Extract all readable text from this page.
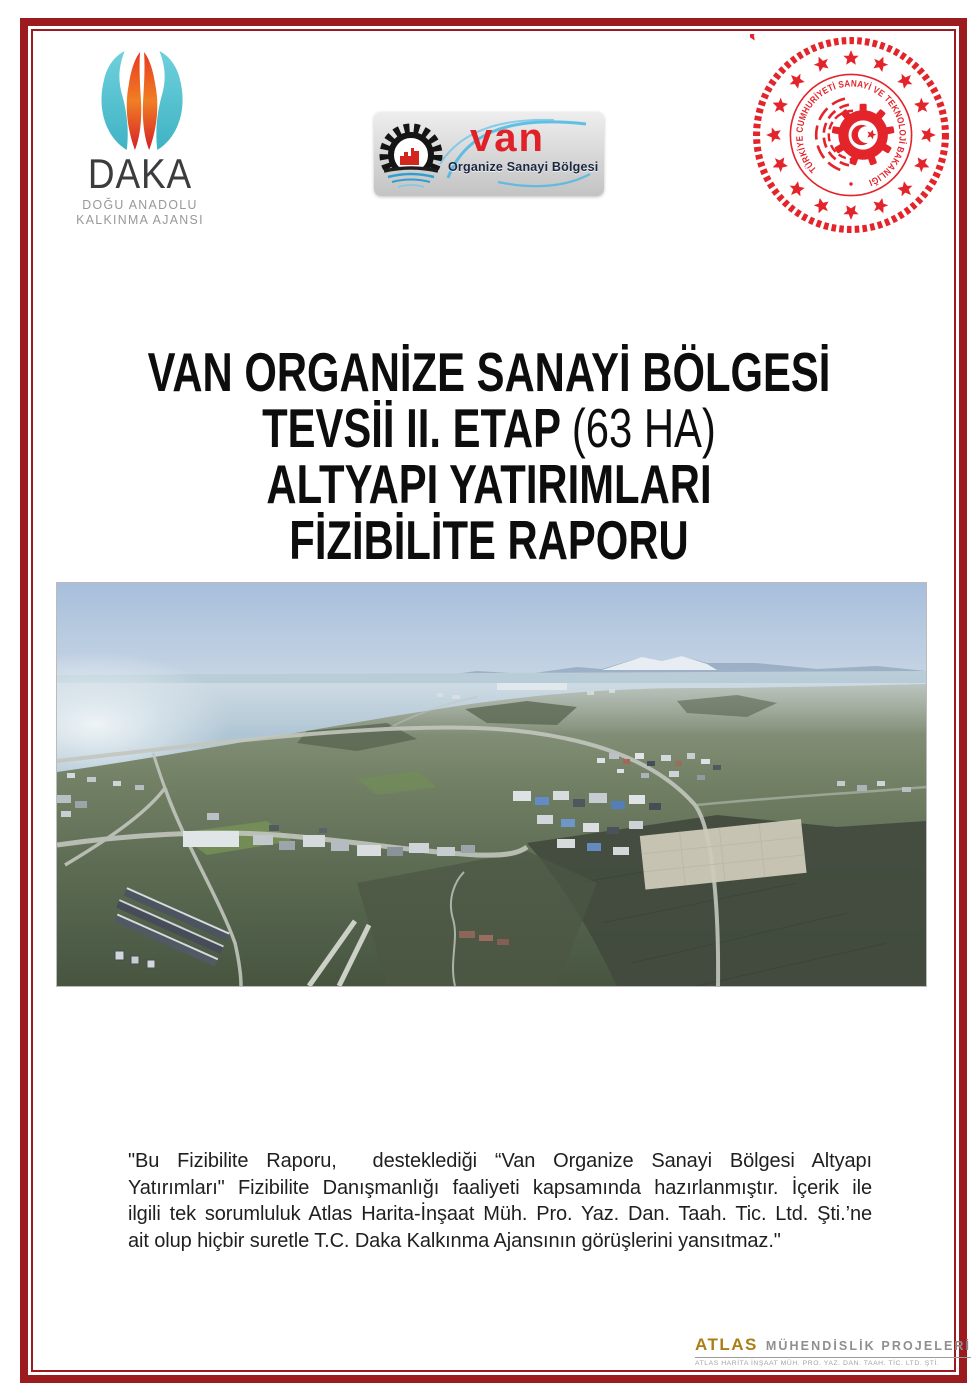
DAKA
DOĞU ANADOLU
KALKINMA AJANSI
van
Organize Sanayi Bölgesi	TÜRKİYE CUMHURİYETİ SANAYİ VE TEKNOLOJİ BAKANLIĞI
VAN ORGANİZE SANAYİ BÖLGESİ
TEVSİİ II. ETAP (63 HA)
ALTYAPI YATIRIMLARI
FİZİBİLİTE RAPORU
"Bu Fizibilite Raporu,  desteklediği “Van Organize Sanayi Bölgesi Altyapı
Yatırımları" Fizibilite Danışmanlığı faaliyeti kapsamında hazırlanmıştır. İçerik ile
ilgili tek sorumluluk Atlas Harita-İnşaat Müh. Pro. Yaz. Dan. Taah. Tic. Ltd. Şti.’ne
ait olup hiçbir suretle T.C. Daka Kalkınma Ajansının görüşlerini yansıtmaz."
ATLAS MÜHENDİSLİK PROJELERİ
ATLAS HARİTA İNŞAAT MÜH. PRO. YAZ. DAN. TAAH. TİC. LTD. ŞTİ.
